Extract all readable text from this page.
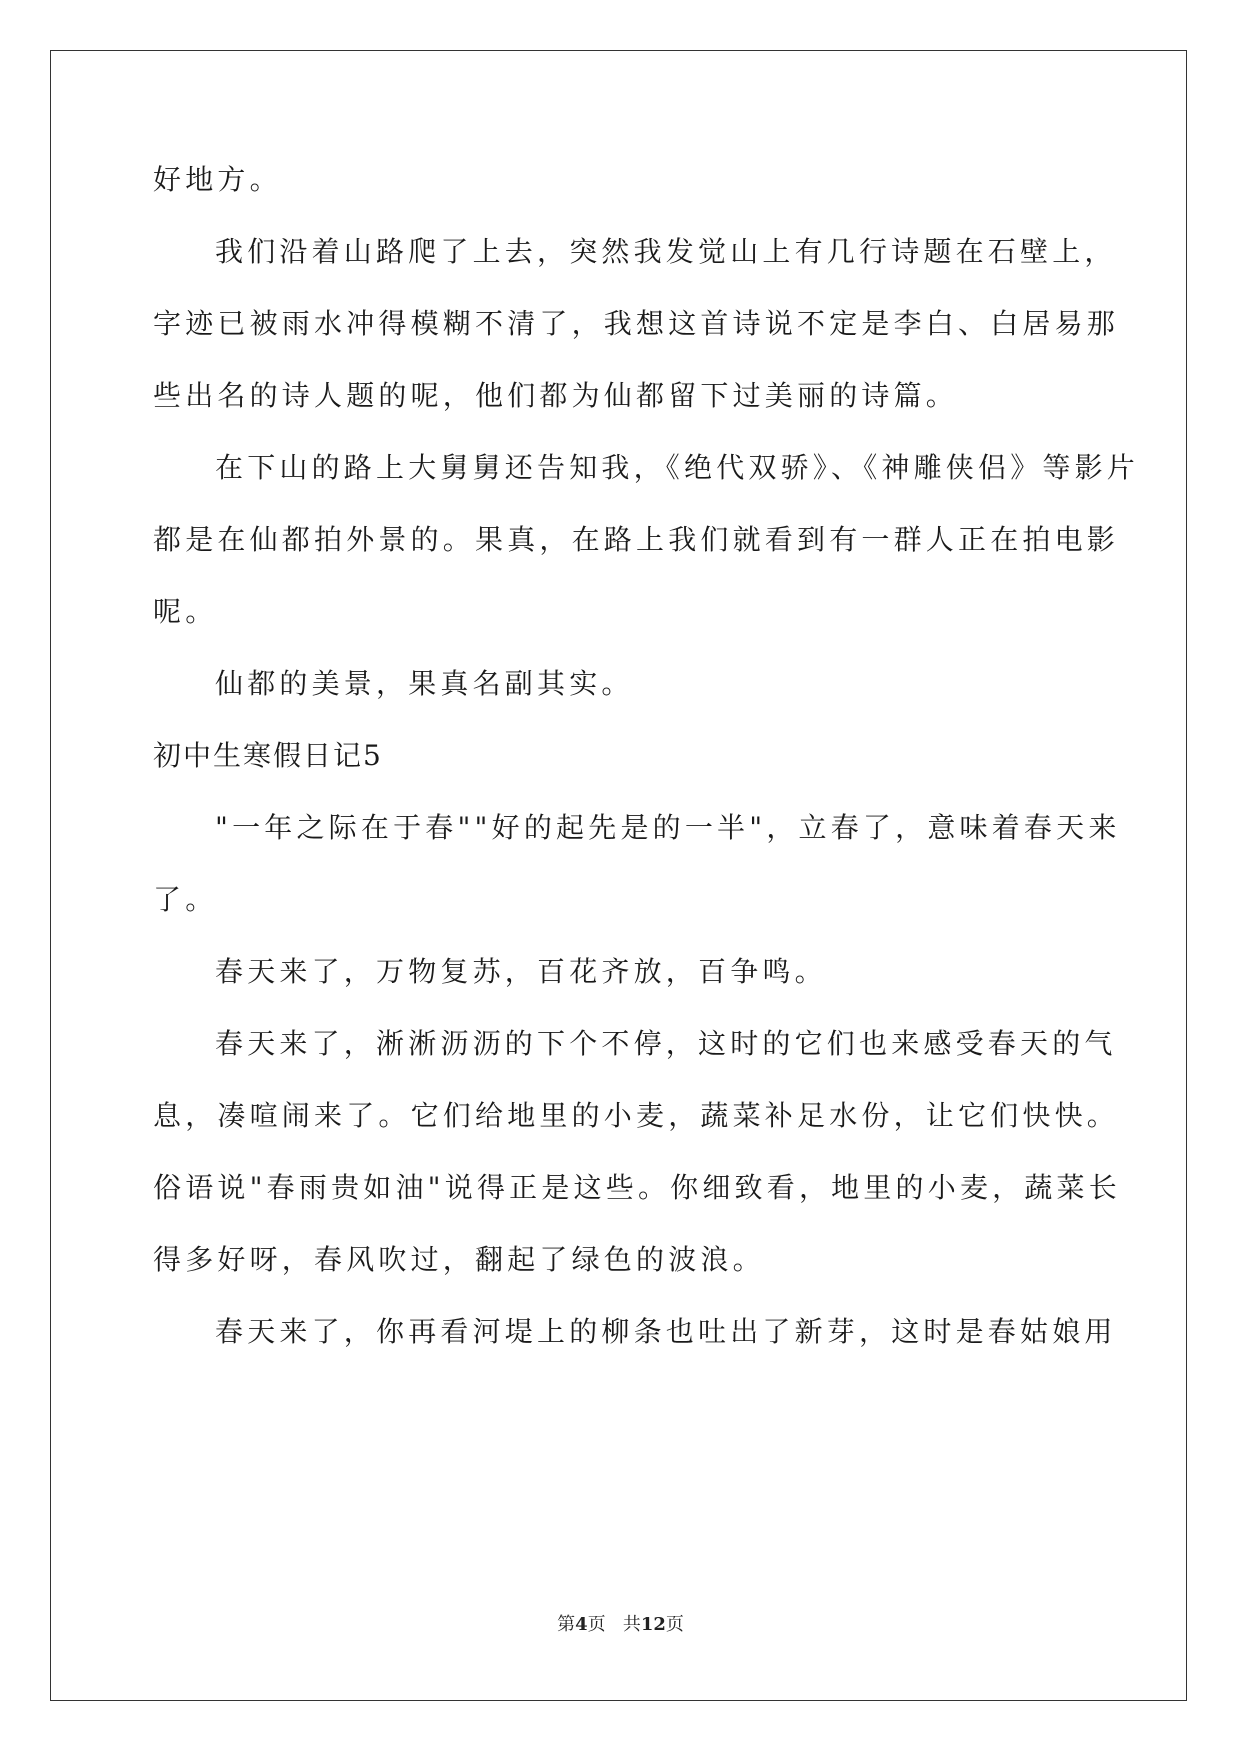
好地方。
我们沿着山路爬了上去，突然我发觉山上有几行诗题在石壁上，
字迹已被雨水冲得模糊不清了，我想这首诗说不定是李白、白居易那
些出名的诗人题的呢，他们都为仙都留下过美丽的诗篇。
在下山的路上大舅舅还告知我，《绝代双骄》、《神雕侠侣》等影片
都是在仙都拍外景的。果真，在路上我们就看到有一群人正在拍电影
呢。
仙都的美景，果真名副其实。
初中生寒假日记5
"一年之际在于春""好的起先是的一半"，立春了，意味着春天来
了。
春天来了，万物复苏，百花齐放，百争鸣。
春天来了，淅淅沥沥的下个不停，这时的它们也来感受春天的气
息，凑喧闹来了。它们给地里的小麦，蔬菜补足水份，让它们快快。
俗语说"春雨贵如油"说得正是这些。你细致看，地里的小麦，蔬菜长
得多好呀，春风吹过，翻起了绿色的波浪。
春天来了，你再看河堤上的柳条也吐出了新芽，这时是春姑娘用
第4页 共12页
